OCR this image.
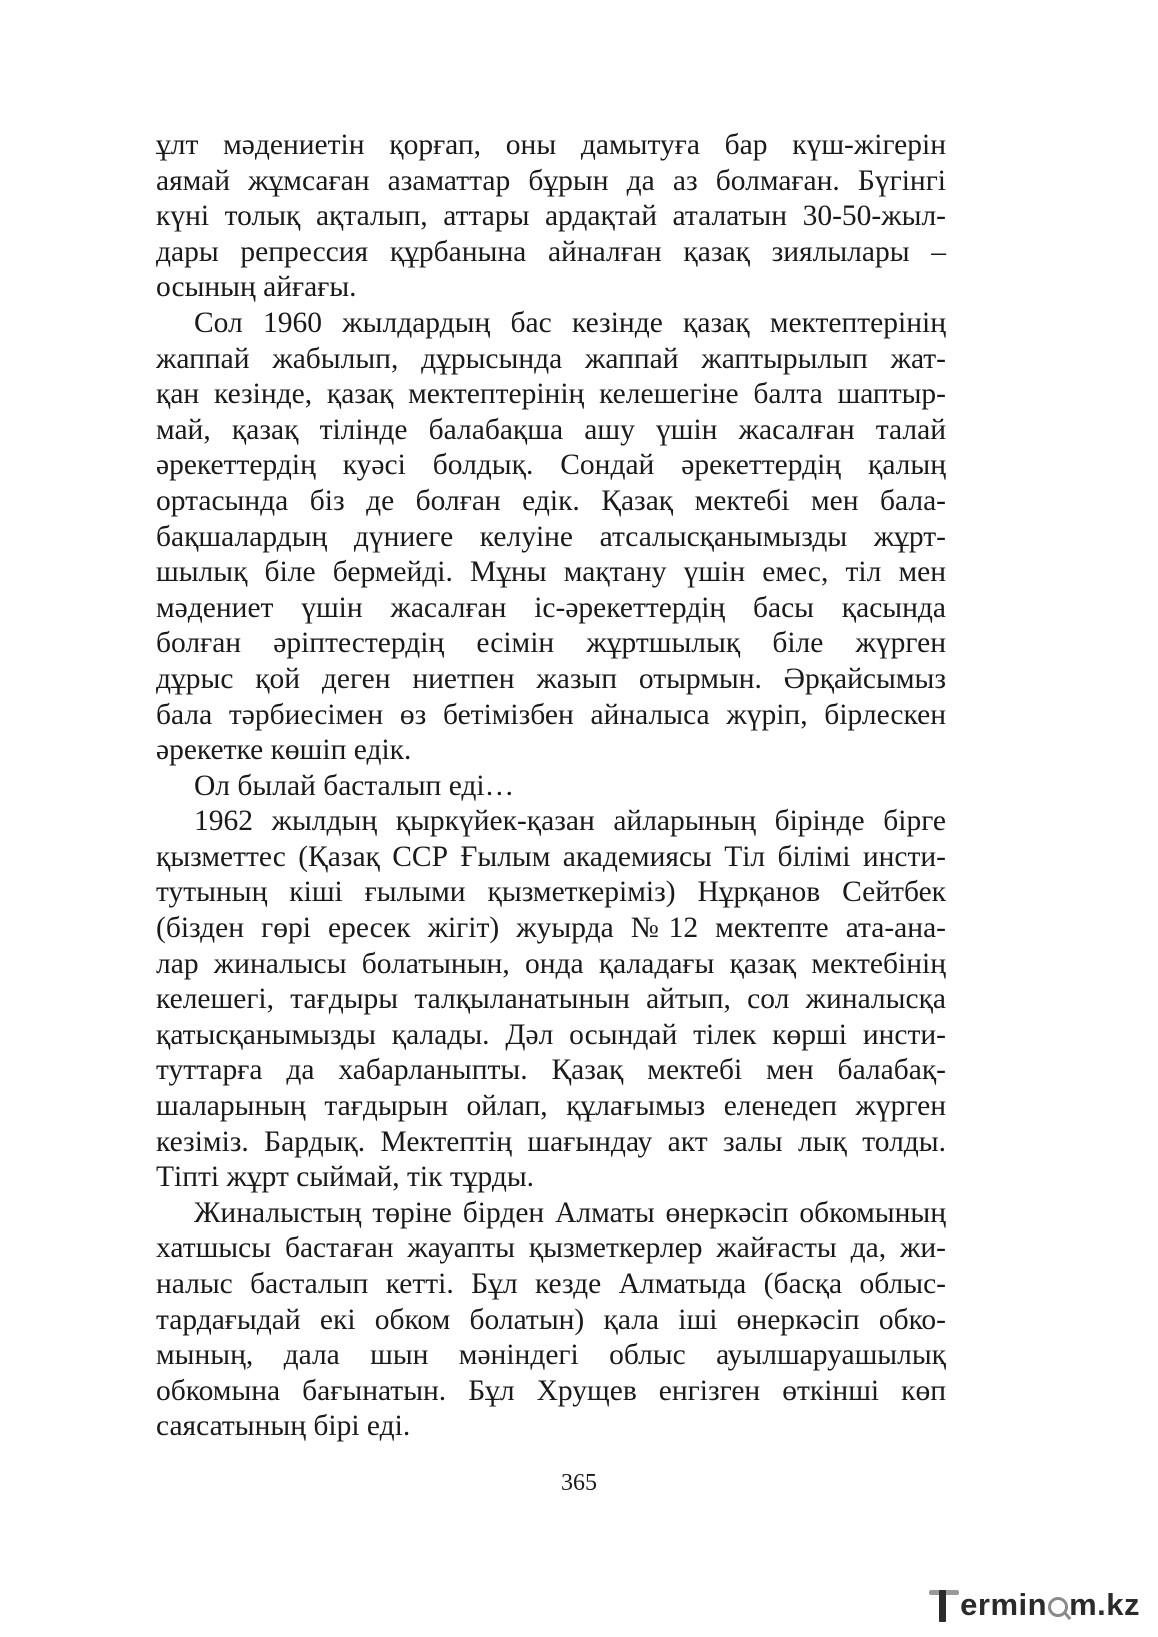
ұлт мәдениетін қорғап, оны дамытуға бар күш-жігерін
аямай жұмсаған азаматтар бұрын да аз болмаған. Бүгінгі
күні толық ақталып, аттары ардақтай аталатын 30-50-жыл-
дары репрессия құрбанына айналған қазақ зиялылары –
осының айғағы.

Сол 1960 жылдардың бас кезінде қазақ мектептерінің
жаппай жабылып, дұрысында жаппай жаптырылып жат-
қан кезінде, қазақ мектептерінің келешегіне балта шаптыр-
май, қазақ тілінде балабақша ашу үшін жасалған талай
әрекеттердің куәсі болдық. Сондай әрекеттердің қалың
ортасында біз де болған едік. Қазақ мектебі мен бала-
бақшалардың дүниеге келуіне атсалысқанымызды жұрт-
шылық біле бермейді. Мұны мақтану үшін емес, тіл мен
мәдениет үшін жасалған іс-әрекеттердің басы қасында
болған әріптестердің есімін жұртшылық біле жүрген
дұрыс қой деген ниетпен жазып отырмын. Әрқайсымыз
бала тәрбиесімен өз бетімізбен айналыса жүріп, бірлескен
әрекетке көшіп едік.

Ол былай басталып еді…

1962 жылдың қыркүйек-қазан айларының бірінде бірге
қызметтес (Қазақ ССР Ғылым академиясы Тіл білімі инсти-
тутының кіші ғылыми қызметкеріміз) Нұрқанов Сейтбек
(бізден гөрі ересек жігіт) жуырда №12 мектепте ата-ана-
лар жиналысы болатынын, онда қаладағы қазақ мектебінің
келешегі, тағдыры талқыланатынын айтып, сол жиналысқа
қатысқанымызды қалады. Дәл осындай тілек көрші инсти-
туттарға да хабарланыпты. Қазақ мектебі мен балабақ-
шаларының тағдырын ойлап, құлағымыз еленедеп жүрген
кезіміз. Бардық. Мектептің шағындау акт залы лық толды.
Тіпті жұрт сыймай, тік тұрды.

Жиналыстың төріне бірден Алматы өнеркәсіп обкомының
хатшысы бастаған жауапты қызметкерлер жайғасты да, жи-
налыс басталып кетті. Бұл кезде Алматыда (басқа облыс-
тардағыдай екі обком болатын) қала іші өнеркәсіп обко-
мының, дала шын мәніндегі облыс ауылшаруашылық
обкомына бағынатын. Бұл Хрущев енгізген өткінші көп
саясатының бірі еді.

365
ermin m.kz
